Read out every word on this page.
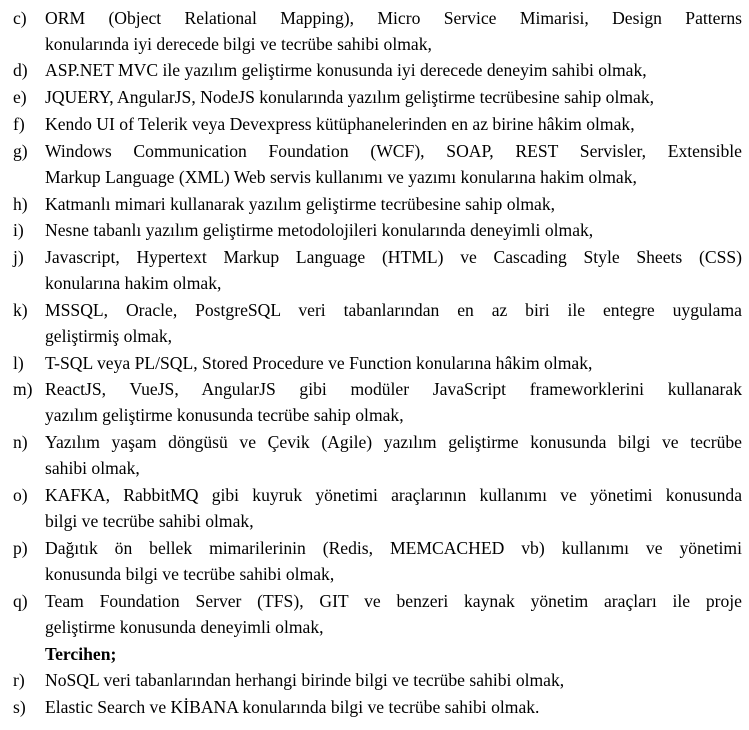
c)	ORM (Object Relational Mapping), Micro Service Mimarisi, Design Patterns
konularında iyi derecede bilgi ve tecrübe sahibi olmak,
d) ASP.NET MVC ile yazılım geliştirme konusunda iyi derecede deneyim sahibi olmak,
e)	JQUERY, AngularJS, NodeJS konularında yazılım geliştirme tecrübesine sahip olmak,
f)	Kendo UI of Telerik veya Devexpress kütüphanelerinden en az birine hâkim olmak,
g) Windows Communication Foundation (WCF), SOAP, REST Servisler, Extensible
Markup Language (XML) Web servis kullanımı ve yazımı konularına hakim olmak,
h) Katmanlı mimari kullanarak yazılım geliştirme tecrübesine sahip olmak,
i)	Nesne tabanlı yazılım geliştirme metodolojileri konularında deneyimli olmak,
j)	Javascript, Hypertext Markup Language (HTML) ve Cascading Style Sheets (CSS)
konularına hakim olmak,
k) MSSQL, Oracle, PostgreSQL veri tabanlarından en az biri ile entegre uygulama
geliştirmiş olmak,
l)	T-SQL veya PL/SQL, Stored Procedure ve Function konularına hâkim olmak,
m) ReactJS, VueJS, AngularJS gibi modüler JavaScript frameworklerini kullanarak
yazılım geliştirme konusunda tecrübe sahip olmak,
n) Yazılım yaşam döngüsü ve Çevik (Agile) yazılım geliştirme konusunda bilgi ve tecrübe
sahibi olmak,
o) KAFKA, RabbitMQ gibi kuyruk yönetimi araçlarının kullanımı ve yönetimi konusunda
bilgi ve tecrübe sahibi olmak,
p) Dağıtık ön bellek mimarilerinin (Redis, MEMCACHED vb) kullanımı ve yönetimi
konusunda bilgi ve tecrübe sahibi olmak,
q) Team Foundation Server (TFS), GIT ve benzeri kaynak yönetim araçları ile proje
geliştirme konusunda deneyimli olmak,
Tercihen;
r)	NoSQL veri tabanlarından herhangi birinde bilgi ve tecrübe sahibi olmak,
s)	Elastic Search ve KİBANA konularında bilgi ve tecrübe sahibi olmak.
